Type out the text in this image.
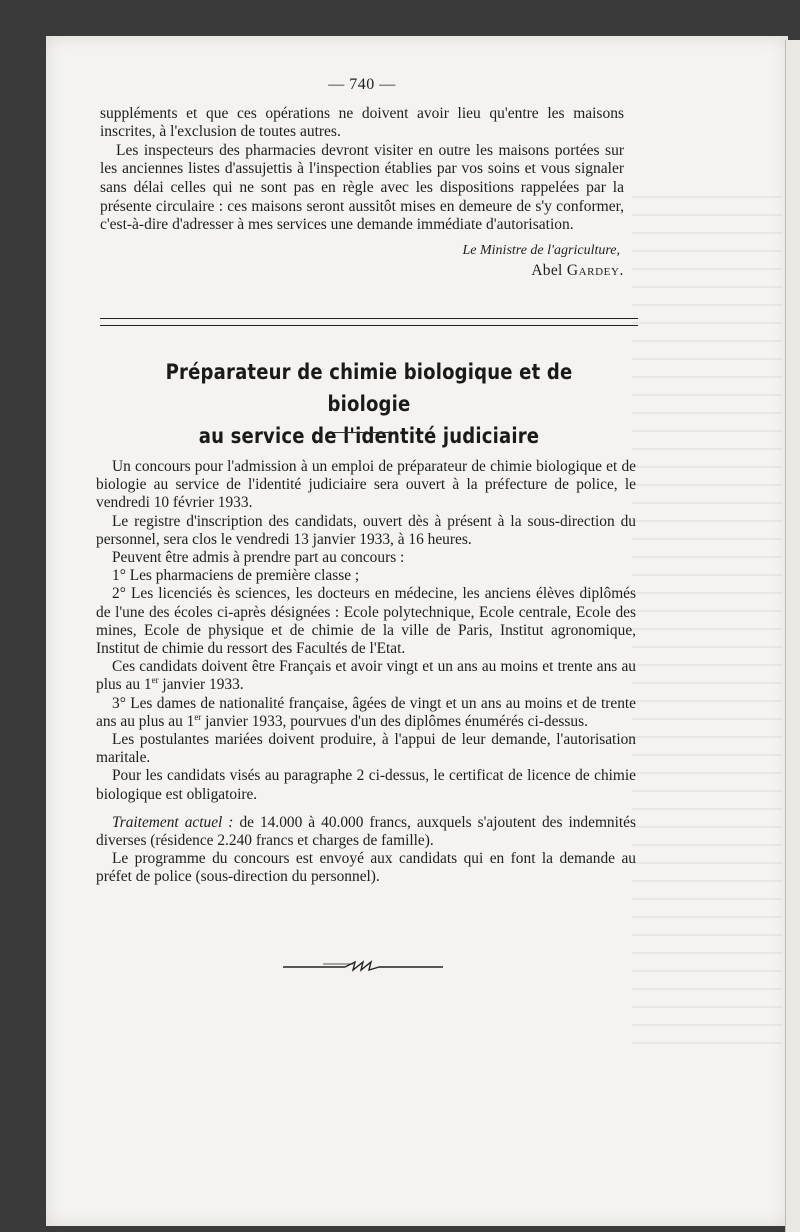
— 740 —

suppléments et que ces opérations ne doivent avoir lieu qu'entre les maisons inscrites, à l'exclusion de toutes autres.

Les inspecteurs des pharmacies devront visiter en outre les maisons portées sur les anciennes listes d'assujettis à l'inspection établies par vos soins et vous signaler sans délai celles qui ne sont pas en règle avec les dispositions rappelées par la présente circulaire : ces maisons seront aussitôt mises en demeure de s'y conformer, c'est-à-dire d'adresser à mes services une demande immédiate d'autorisation.

Le Ministre de l'agriculture,
Abel Gardey.
Préparateur de chimie biologique et de biologie
au service de l'identité judiciaire

Un concours pour l'admission à un emploi de préparateur de chimie biologique et de biologie au service de l'identité judiciaire sera ouvert à la préfecture de police, le vendredi 10 février 1933.

Le registre d'inscription des candidats, ouvert dès à présent à la sous-direction du personnel, sera clos le vendredi 13 janvier 1933, à 16 heures.

Peuvent être admis à prendre part au concours :

1° Les pharmaciens de première classe ;

2° Les licenciés ès sciences, les docteurs en médecine, les anciens élèves diplômés de l'une des écoles ci-après désignées : Ecole polytechnique, Ecole centrale, Ecole des mines, Ecole de physique et de chimie de la ville de Paris, Institut agronomique, Institut de chimie du ressort des Facultés de l'Etat.

Ces candidats doivent être Français et avoir vingt et un ans au moins et trente ans au plus au 1er janvier 1933.

3° Les dames de nationalité française, âgées de vingt et un ans au moins et de trente ans au plus au 1er janvier 1933, pourvues d'un des diplômes énumérés ci-dessus.

Les postulantes mariées doivent produire, à l'appui de leur demande, l'autorisation maritale.

Pour les candidats visés au paragraphe 2 ci-dessus, le certificat de licence de chimie biologique est obligatoire.

Traitement actuel : de 14.000 à 40.000 francs, auxquels s'ajoutent des indemnités diverses (résidence 2.240 francs et charges de famille).

Le programme du concours est envoyé aux candidats qui en font la demande au préfet de police (sous-direction du personnel).
